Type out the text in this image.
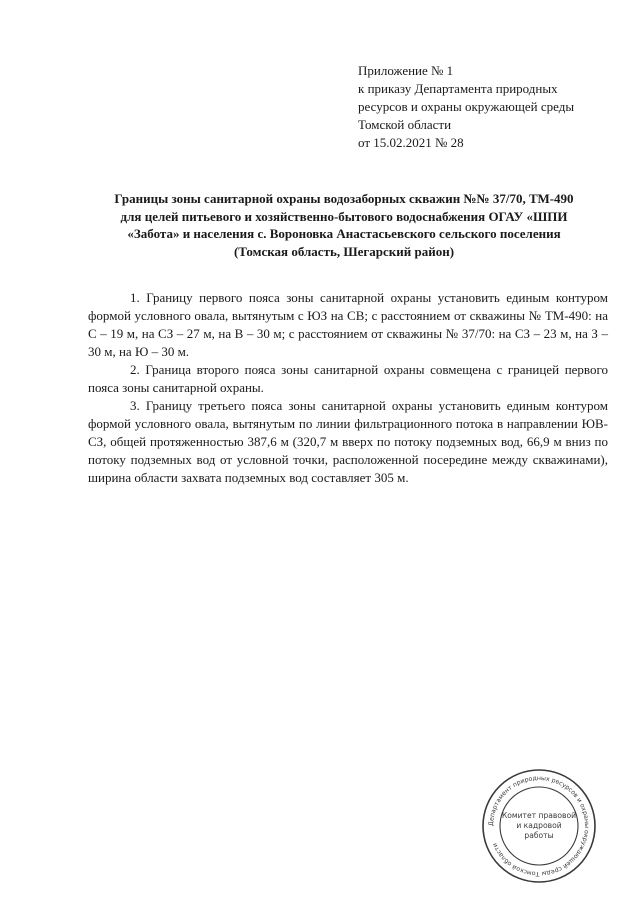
Приложение № 1
к приказу Департамента природных
ресурсов и охраны окружающей среды
Томской области
от 15.02.2021 № 28
Границы зоны санитарной охраны водозаборных скважин №№ 37/70, ТМ-490
для целей питьевого и хозяйственно-бытового водоснабжения ОГАУ «ШПИ
«Забота» и населения с. Вороновка Анастасьевского сельского поселения
(Томская область, Шегарский район)

1. Границу первого пояса зоны санитарной охраны установить единым контуром формой условного овала, вытянутым с ЮЗ на СВ; с расстоянием от скважины № ТМ-490: на С – 19 м, на СЗ – 27 м, на В – 30 м; с расстоянием от скважины № 37/70: на СЗ – 23 м, на З – 30 м, на Ю – 30 м.

2. Граница второго пояса зоны санитарной охраны совмещена с границей первого пояса зоны санитарной охраны.

3. Границу третьего пояса зоны санитарной охраны установить единым контуром формой условного овала, вытянутым по линии фильтрационного потока в направлении ЮВ-СЗ, общей протяженностью 387,6 м (320,7 м вверх по потоку подземных вод, 66,9 м вниз по потоку подземных вод от условной точки, расположенной посередине между скважинами), ширина области захвата подземных вод составляет 305 м.

Департамент природных ресурсов и охраны окружающей среды Томской области
Комитет правовой
и кадровой
работы
